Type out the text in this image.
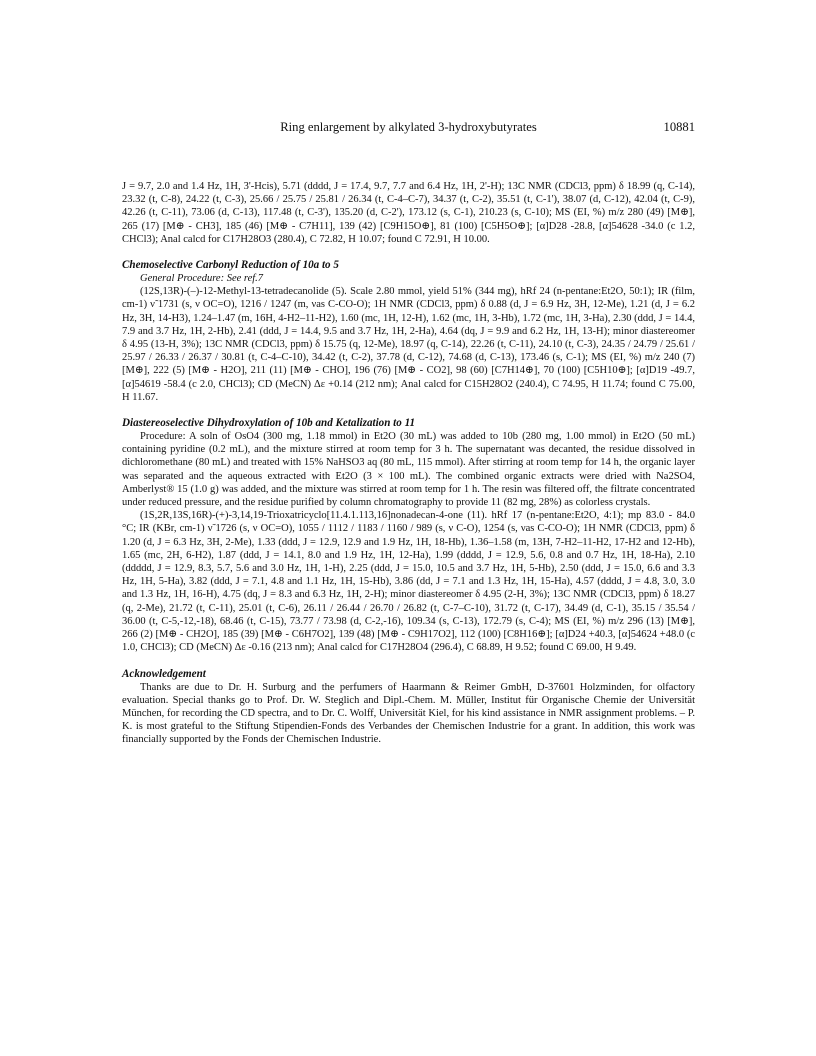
Ring enlargement by alkylated 3-hydroxybutyrates	10881
J = 9.7, 2.0 and 1.4 Hz, 1H, 3'-Hcis), 5.71 (dddd, J = 17.4, 9.7, 7.7 and 6.4 Hz, 1H, 2'-H); 13C NMR (CDCl3, ppm) δ 18.99 (q, C-14), 23.32 (t, C-8), 24.22 (t, C-3), 25.66 / 25.75 / 25.81 / 26.34 (t, C-4–C-7), 34.37 (t, C-2), 35.51 (t, C-1'), 38.07 (d, C-12), 42.04 (t, C-9), 42.26 (t, C-11), 73.06 (d, C-13), 117.48 (t, C-3'), 135.20 (d, C-2'), 173.12 (s, C-1), 210.23 (s, C-10); MS (EI, %) m/z 280 (49) [M⊕], 265 (17) [M⊕ - CH3], 185 (46) [M⊕ - C7H11], 139 (42) [C9H15O⊕], 81 (100) [C5H5O⊕]; [α]D28 -28.8, [α]54628 -34.0 (c 1.2, CHCl3); Anal calcd for C17H28O3 (280.4), C 72.82, H 10.07; found C 72.91, H 10.00.
Chemoselective Carbonyl Reduction of 10a to 5
General Procedure: See ref.7
(12S,13R)-(–)-12-Methyl-13-tetradecanolide (5). Scale 2.80 mmol, yield 51% (344 mg), hRf 24 (n-pentane:Et2O, 50:1); IR (film, cm-1) ν̃ 1731 (s, ν OC=O), 1216 / 1247 (m, νas C-CO-O); 1H NMR (CDCl3, ppm) δ 0.88 (d, J = 6.9 Hz, 3H, 12-Me), 1.21 (d, J = 6.2 Hz, 3H, 14-H3), 1.24–1.47 (m, 16H, 4-H2–11-H2), 1.60 (mc, 1H, 12-H), 1.62 (mc, 1H, 3-Hb), 1.72 (mc, 1H, 3-Ha), 2.30 (ddd, J = 14.4, 7.9 and 3.7 Hz, 1H, 2-Hb), 2.41 (ddd, J = 14.4, 9.5 and 3.7 Hz, 1H, 2-Ha), 4.64 (dq, J = 9.9 and 6.2 Hz, 1H, 13-H); minor diastereomer δ 4.95 (13-H, 3%); 13C NMR (CDCl3, ppm) δ 15.75 (q, 12-Me), 18.97 (q, C-14), 22.26 (t, C-11), 24.10 (t, C-3), 24.35 / 24.79 / 25.61 / 25.97 / 26.33 / 26.37 / 30.81 (t, C-4–C-10), 34.42 (t, C-2), 37.78 (d, C-12), 74.68 (d, C-13), 173.46 (s, C-1); MS (EI, %) m/z 240 (7) [M⊕], 222 (5) [M⊕ - H2O], 211 (11) [M⊕ - CHO], 196 (76) [M⊕ - CO2], 98 (60) [C7H14⊕], 70 (100) [C5H10⊕]; [α]D19 -49.7, [α]54619 -58.4 (c 2.0, CHCl3); CD (MeCN) Δε +0.14 (212 nm); Anal calcd for C15H28O2 (240.4), C 74.95, H 11.74; found C 75.00, H 11.67.
Diastereoselective Dihydroxylation of 10b and Ketalization to 11
Procedure: A soln of OsO4 (300 mg, 1.18 mmol) in Et2O (30 mL) was added to 10b (280 mg, 1.00 mmol) in Et2O (50 mL) containing pyridine (0.2 mL), and the mixture stirred at room temp for 3 h. The supernatant was decanted, the residue dissolved in dichloromethane (80 mL) and treated with 15% NaHSO3 aq (80 mL, 115 mmol). After stirring at room temp for 14 h, the organic layer was separated and the aqueous extracted with Et2O (3 × 100 mL). The combined organic extracts were dried with Na2SO4, Amberlyst® 15 (1.0 g) was added, and the mixture was stirred at room temp for 1 h. The resin was filtered off, the filtrate concentrated under reduced pressure, and the residue purified by column chromatography to provide 11 (82 mg, 28%) as colorless crystals.
(1S,2R,13S,16R)-(+)-3,14,19-Trioxatricyclo[11.4.1.113,16]nonadecan-4-one (11). hRf 17 (n-pentane:Et2O, 4:1); mp 83.0 - 84.0 °C; IR (KBr, cm-1) ν̃ 1726 (s, ν OC=O), 1055 / 1112 / 1183 / 1160 / 989 (s, ν C-O), 1254 (s, νas C-CO-O); 1H NMR (CDCl3, ppm) δ 1.20 (d, J = 6.3 Hz, 3H, 2-Me), 1.33 (ddd, J = 12.9, 12.9 and 1.9 Hz, 1H, 18-Hb), 1.36–1.58 (m, 13H, 7-H2–11-H2, 17-H2 and 12-Hb), 1.65 (mc, 2H, 6-H2), 1.87 (ddd, J = 14.1, 8.0 and 1.9 Hz, 1H, 12-Ha), 1.99 (dddd, J = 12.9, 5.6, 0.8 and 0.7 Hz, 1H, 18-Ha), 2.10 (ddddd, J = 12.9, 8.3, 5.7, 5.6 and 3.0 Hz, 1H, 1-H), 2.25 (ddd, J = 15.0, 10.5 and 3.7 Hz, 1H, 5-Hb), 2.50 (ddd, J = 15.0, 6.6 and 3.3 Hz, 1H, 5-Ha), 3.82 (ddd, J = 7.1, 4.8 and 1.1 Hz, 1H, 15-Hb), 3.86 (dd, J = 7.1 and 1.3 Hz, 1H, 15-Ha), 4.57 (dddd, J = 4.8, 3.0, 3.0 and 1.3 Hz, 1H, 16-H), 4.75 (dq, J = 8.3 and 6.3 Hz, 1H, 2-H); minor diastereomer δ 4.95 (2-H, 3%); 13C NMR (CDCl3, ppm) δ 18.27 (q, 2-Me), 21.72 (t, C-11), 25.01 (t, C-6), 26.11 / 26.44 / 26.70 / 26.82 (t, C-7–C-10), 31.72 (t, C-17), 34.49 (d, C-1), 35.15 / 35.54 / 36.00 (t, C-5,-12,-18), 68.46 (t, C-15), 73.77 / 73.98 (d, C-2,-16), 109.34 (s, C-13), 172.79 (s, C-4); MS (EI, %) m/z 296 (13) [M⊕], 266 (2) [M⊕ - CH2O], 185 (39) [M⊕ - C6H7O2], 139 (48) [M⊕ - C9H17O2], 112 (100) [C8H16⊕]; [α]D24 +40.3, [α]54624 +48.0 (c 1.0, CHCl3); CD (MeCN) Δε -0.16 (213 nm); Anal calcd for C17H28O4 (296.4), C 68.89, H 9.52; found C 69.00, H 9.49.
Acknowledgement
Thanks are due to Dr. H. Surburg and the perfumers of Haarmann & Reimer GmbH, D-37601 Holzminden, for olfactory evaluation. Special thanks go to Prof. Dr. W. Steglich and Dipl.-Chem. M. Müller, Institut für Organische Chemie der Universität München, for recording the CD spectra, and to Dr. C. Wolff, Universität Kiel, for his kind assistance in NMR assignment problems. – P. K. is most grateful to the Stiftung Stipendien-Fonds des Verbandes der Chemischen Industrie for a grant. In addition, this work was financially supported by the Fonds der Chemischen Industrie.
